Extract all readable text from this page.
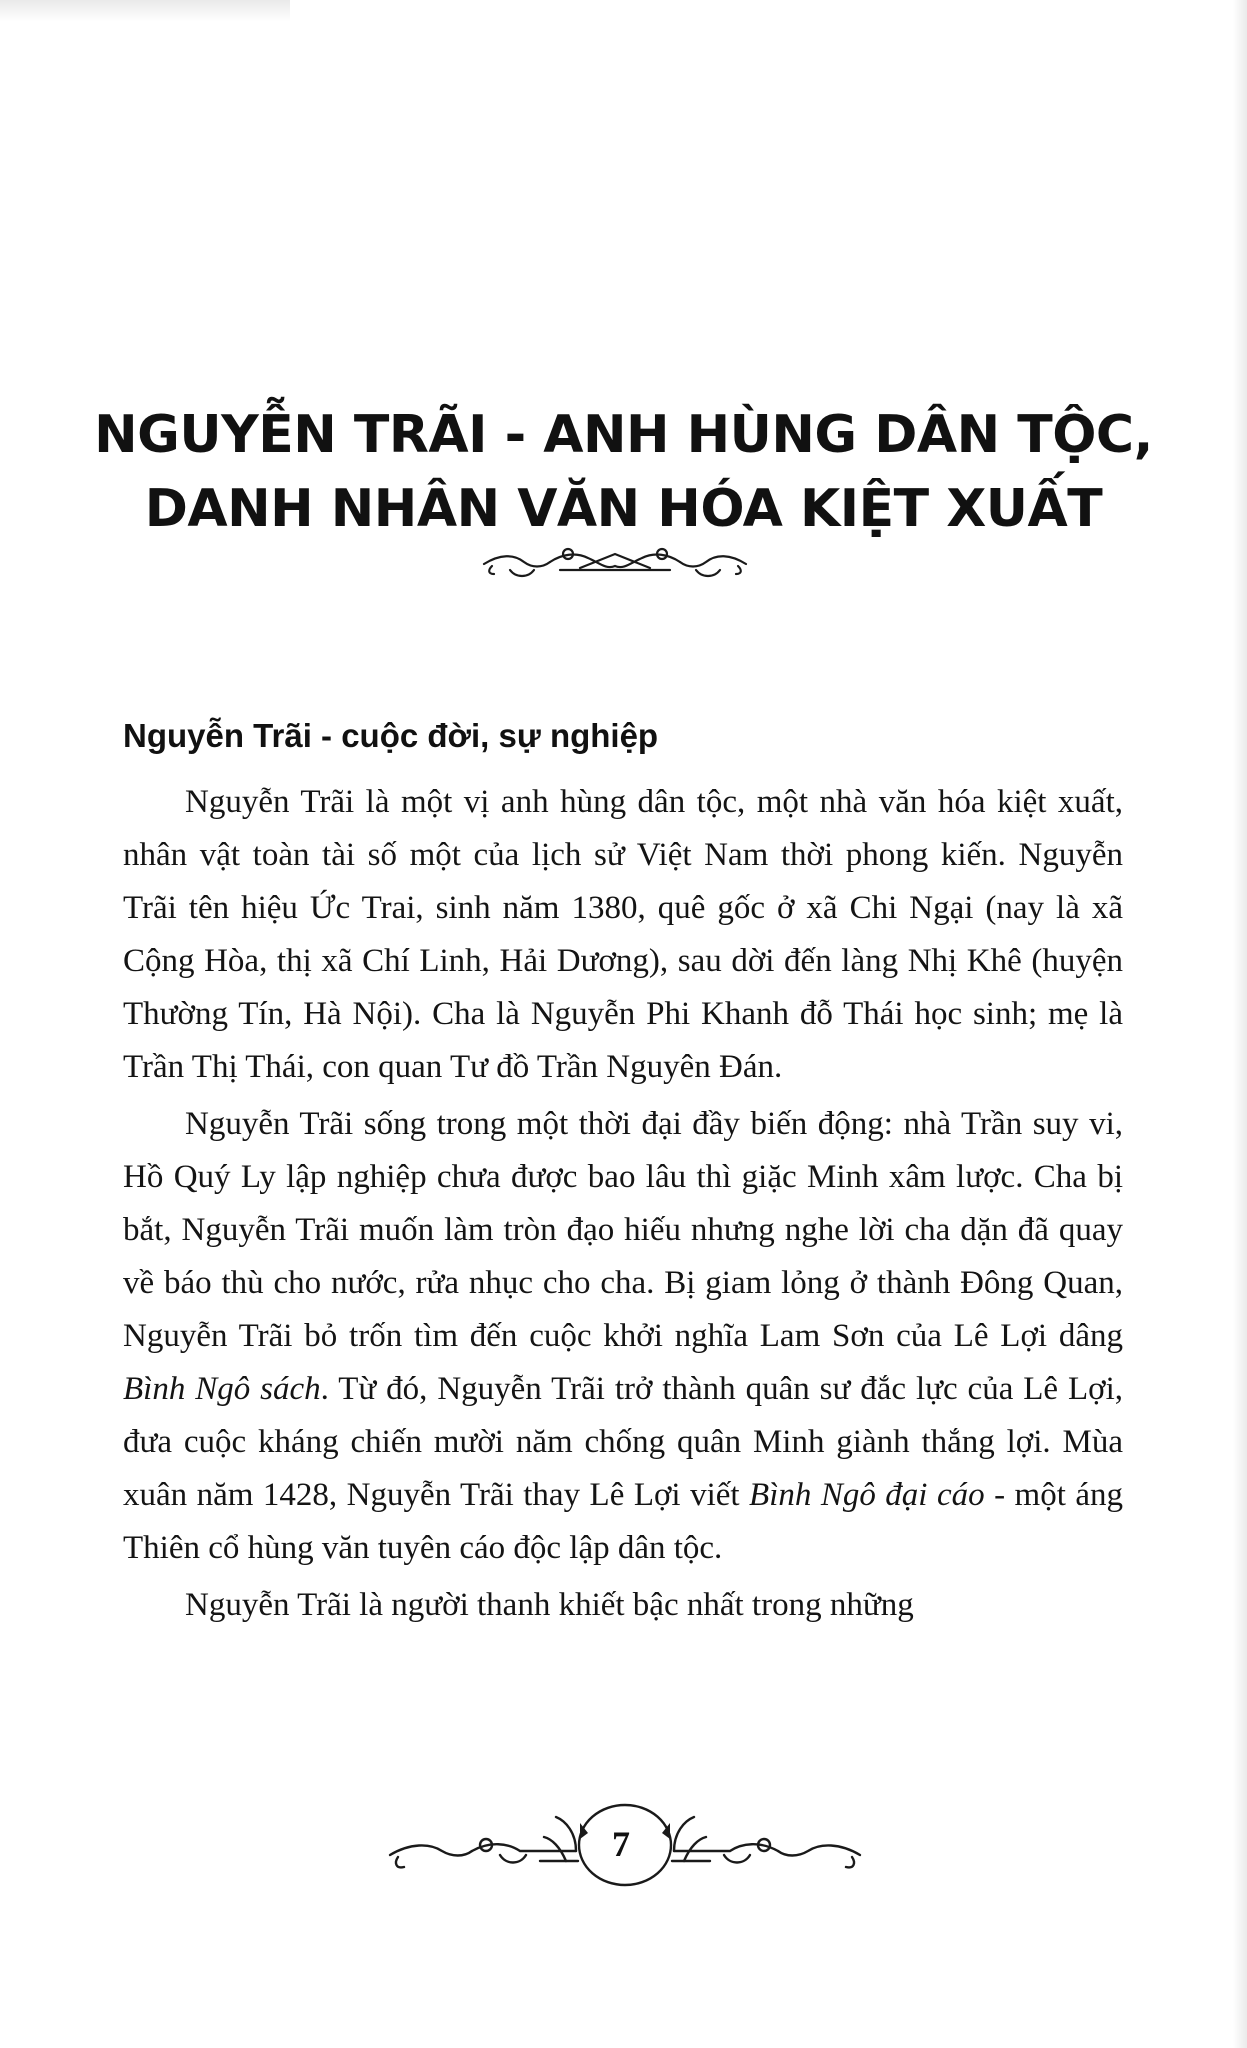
NGUYỄN TRÃI - ANH HÙNG DÂN TỘC,
DANH NHÂN VĂN HÓA KIỆT XUẤT
Nguyễn Trãi - cuộc đời, sự nghiệp

Nguyễn Trãi là một vị anh hùng dân tộc, một nhà văn hóa kiệt xuất, nhân vật toàn tài số một của lịch sử Việt Nam thời phong kiến. Nguyễn Trãi tên hiệu Ức Trai, sinh năm 1380, quê gốc ở xã Chi Ngại (nay là xã Cộng Hòa, thị xã Chí Linh, Hải Dương), sau dời đến làng Nhị Khê (huyện Thường Tín, Hà Nội). Cha là Nguyễn Phi Khanh đỗ Thái học sinh; mẹ là Trần Thị Thái, con quan Tư đồ Trần Nguyên Đán.

Nguyễn Trãi sống trong một thời đại đầy biến động: nhà Trần suy vi, Hồ Quý Ly lập nghiệp chưa được bao lâu thì giặc Minh xâm lược. Cha bị bắt, Nguyễn Trãi muốn làm tròn đạo hiếu nhưng nghe lời cha dặn đã quay về báo thù cho nước, rửa nhục cho cha. Bị giam lỏng ở thành Đông Quan, Nguyễn Trãi bỏ trốn tìm đến cuộc khởi nghĩa Lam Sơn của Lê Lợi dâng Bình Ngô sách. Từ đó, Nguyễn Trãi trở thành quân sư đắc lực của Lê Lợi, đưa cuộc kháng chiến mười năm chống quân Minh giành thắng lợi. Mùa xuân năm 1428, Nguyễn Trãi thay Lê Lợi viết Bình Ngô đại cáo - một áng Thiên cổ hùng văn tuyên cáo độc lập dân tộc.

Nguyễn Trãi là người thanh khiết bậc nhất trong những

7
